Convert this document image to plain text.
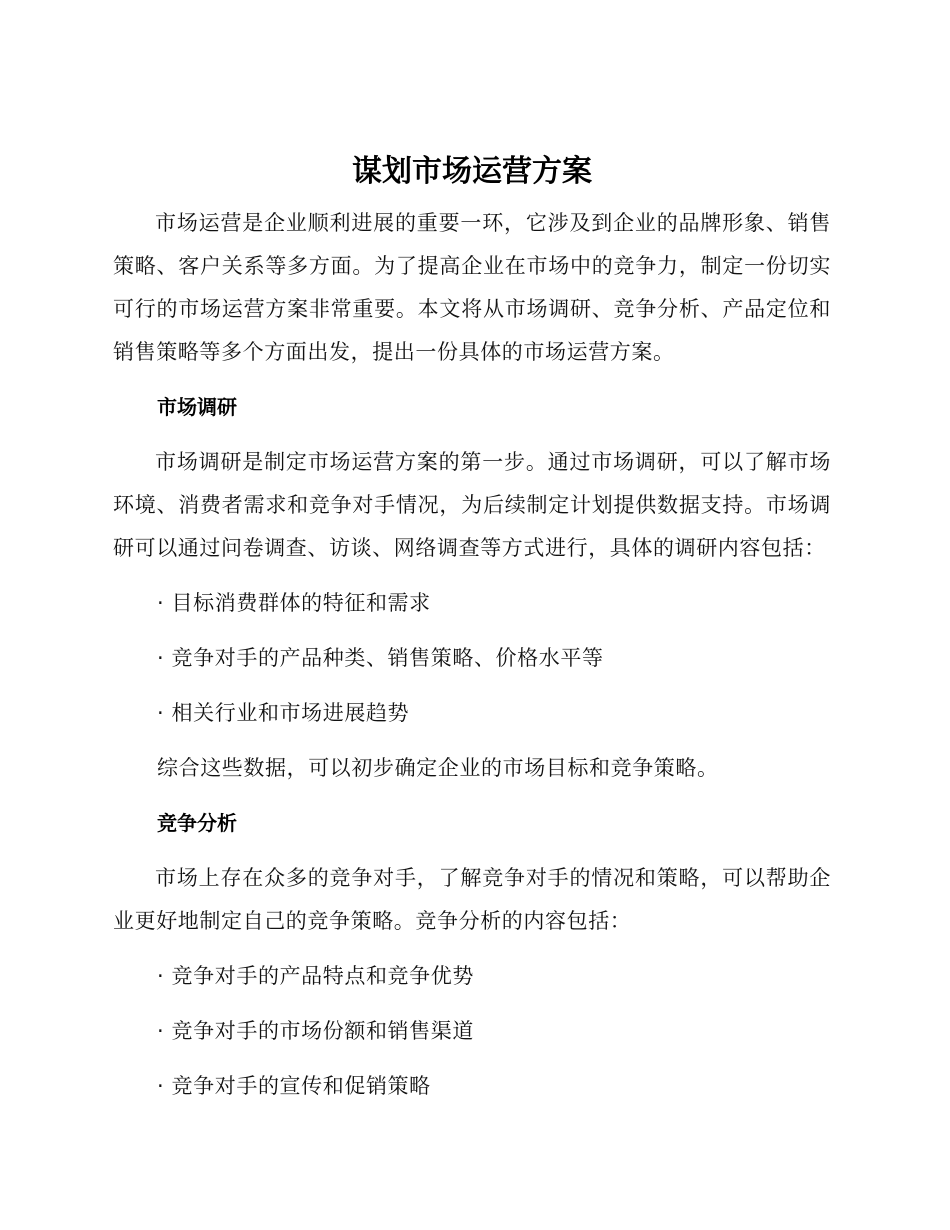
谋划市场运营方案

市场运营是企业顺利进展的重要一环，它涉及到企业的品牌形象、销售策略、客户关系等多方面。为了提高企业在市场中的竞争力，制定一份切实可行的市场运营方案非常重要。本文将从市场调研、竞争分析、产品定位和销售策略等多个方面出发，提出一份具体的市场运营方案。

市场调研

市场调研是制定市场运营方案的第一步。通过市场调研，可以了解市场环境、消费者需求和竞争对手情况，为后续制定计划提供数据支持。市场调研可以通过问卷调查、访谈、网络调查等方式进行，具体的调研内容包括：

· 目标消费群体的特征和需求

· 竞争对手的产品种类、销售策略、价格水平等

· 相关行业和市场进展趋势

综合这些数据，可以初步确定企业的市场目标和竞争策略。

竞争分析

市场上存在众多的竞争对手，了解竞争对手的情况和策略，可以帮助企业更好地制定自己的竞争策略。竞争分析的内容包括：

· 竞争对手的产品特点和竞争优势

· 竞争对手的市场份额和销售渠道

· 竞争对手的宣传和促销策略
